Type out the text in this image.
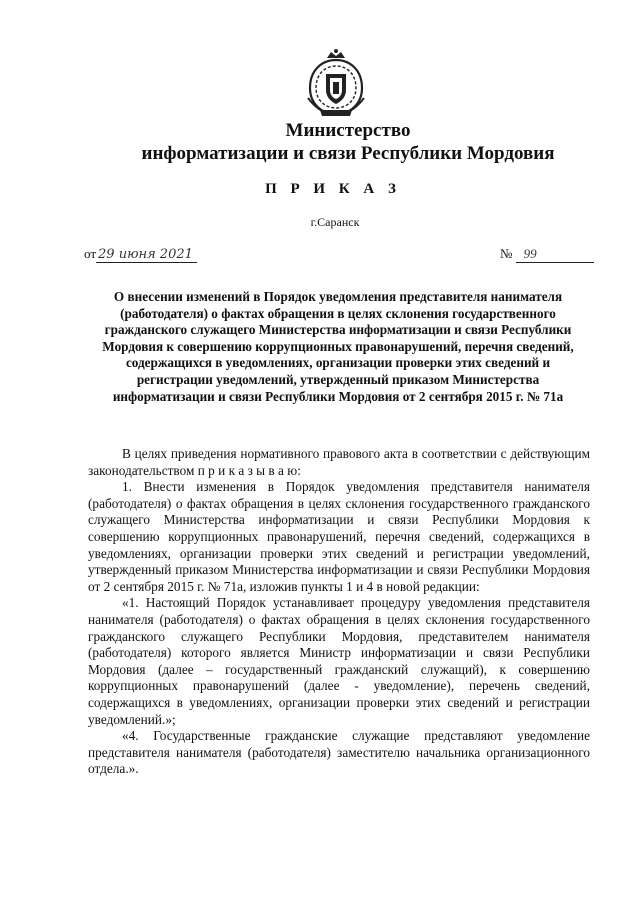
Министерство
информатизации и связи Республики Мордовия
П Р И К А З
г.Саранск
от 29 июня 2021	№ 99
О внесении изменений в Порядок уведомления представителя нанимателя (работодателя) о фактах обращения в целях склонения государственного гражданского служащего Министерства информатизации и связи Республики Мордовия к совершению коррупционных правонарушений, перечня сведений, содержащихся в уведомлениях, организации проверки этих сведений и регистрации уведомлений, утвержденный приказом Министерства информатизации и связи Республики Мордовия от 2 сентября 2015 г. № 71а

В целях приведения нормативного правового акта в соответствии с действующим законодательством п р и к а з ы в а ю:

1. Внести изменения в Порядок уведомления представителя нанимателя (работодателя) о фактах обращения в целях склонения государственного гражданского служащего Министерства информатизации и связи Республики Мордовия к совершению коррупционных правонарушений, перечня сведений, содержащихся в уведомлениях, организации проверки этих сведений и регистрации уведомлений, утвержденный приказом Министерства информатизации и связи Республики Мордовия от 2 сентября 2015 г. № 71а, изложив пункты 1 и 4 в новой редакции:

«1. Настоящий Порядок устанавливает процедуру уведомления представителя нанимателя (работодателя) о фактах обращения в целях склонения государственного гражданского служащего Республики Мордовия, представителем нанимателя (работодателя) которого является Министр информатизации и связи Республики Мордовия (далее – государственный гражданский служащий), к совершению коррупционных правонарушений (далее - уведомление), перечень сведений, содержащихся в уведомлениях, организации проверки этих сведений и регистрации уведомлений.»;

«4. Государственные гражданские служащие представляют уведомление представителя нанимателя (работодателя) заместителю начальника организационного отдела.».
